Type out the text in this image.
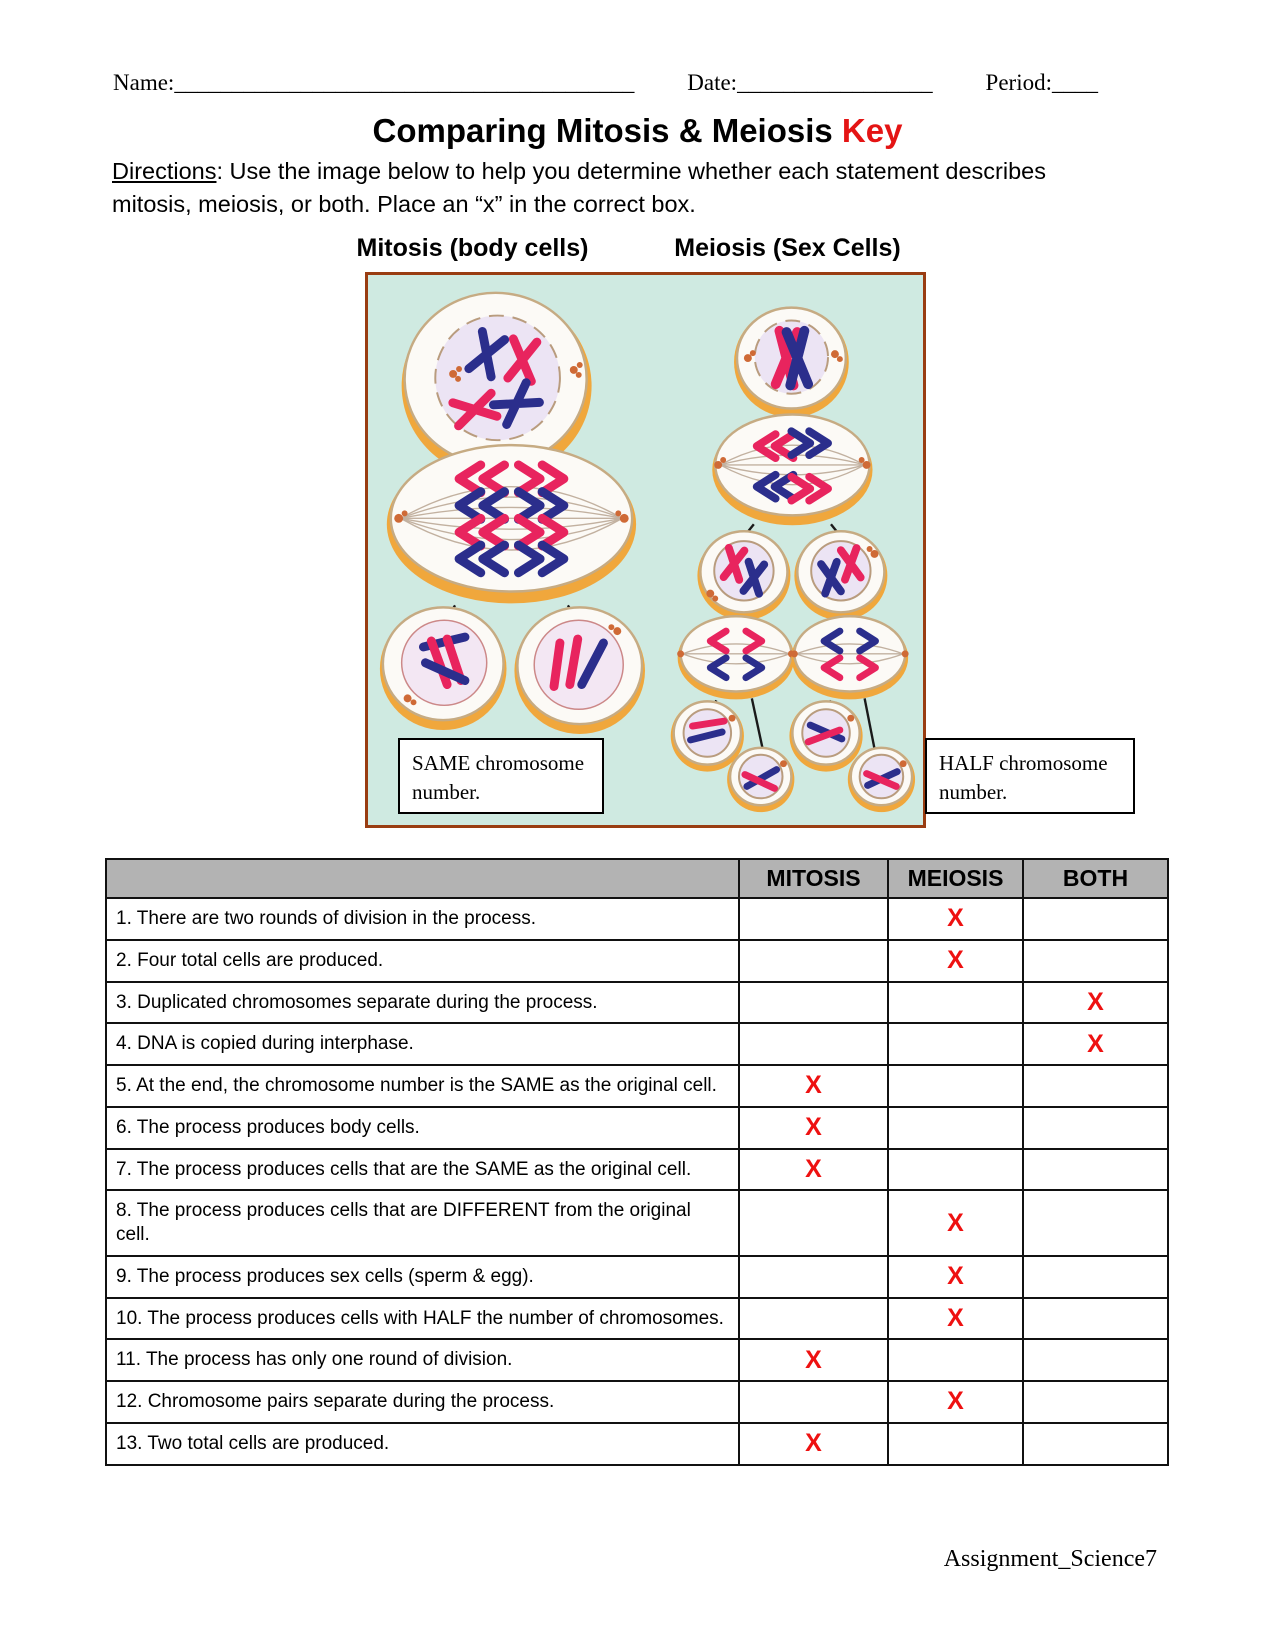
Name:________________________________________ Date:_________________ Period:____
Comparing Mitosis & Meiosis Key
Directions: Use the image below to help you determine whether each statement describes mitosis, meiosis, or both. Place an “x” in the correct box.
Mitosis (body cells)	Meiosis (Sex Cells)
SAME chromosome number.
HALF chromosome number.
	MITOSIS	MEIOSIS	BOTH
1. There are two rounds of division in the process.		X	
2. Four total cells are produced.		X	
3. Duplicated chromosomes separate during the process.			X
4. DNA is copied during interphase.			X
5. At the end, the chromosome number is the SAME as the original cell.	X		
6. The process produces body cells.	X		
7. The process produces cells that are the SAME as the original cell.	X		
8. The process produces cells that are DIFFERENT from the original cell.		X	
9. The process produces sex cells (sperm & egg).		X	
10. The process produces cells with HALF the number of chromosomes.		X	
11. The process has only one round of division.	X		
12. Chromosome pairs separate during the process.		X	
13. Two total cells are produced.	X		
Assignment_Science7
